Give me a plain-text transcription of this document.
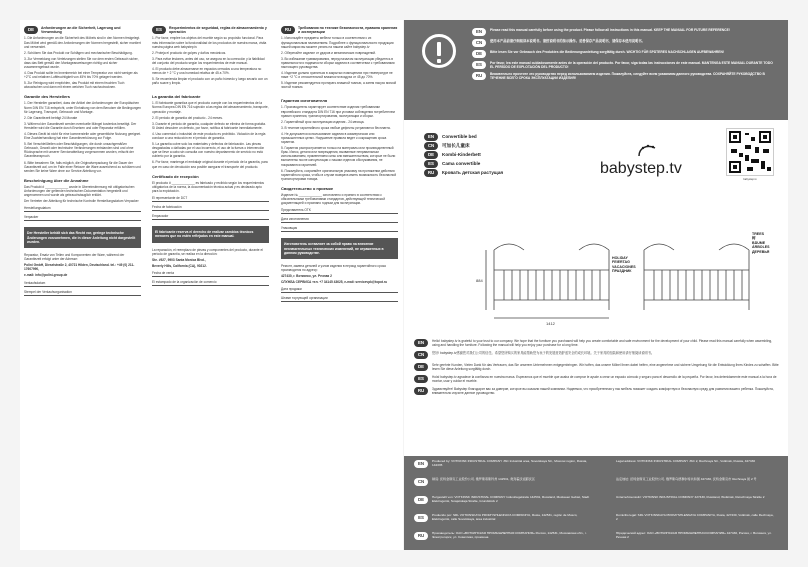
DE	Anforderungen an die Sicherheit, Lagerung und Verwendung
1. Die Anforderungen an die Sicherheit des Möbels sind in den Normen festgelegt. Das Möbel wird gemäß den Anforderungen der Normen hergestellt, sicher montiert und verwendet.
2. Schützen Sie das Produkt vor Schlägen und mechanischer Beschädigung.
3. Zur Vermeidung von Verletzungen stellen Sie vor dem ersten Gebrauch sicher, dass das Bett gemäß den Montageanweisungen richtig und sicher zusammengebaut wurde.
4. Das Produkt sollte im Innenbereich bei einer Temperatur von nicht weniger als +2°C und relativen Luftfeuchtigkeit von 45% bis 70% gelagert werden.
5. Zur Reinigung wird empfohlen, das Produkt mit einem feuchten Tuch abzuwischen und dann mit einem weichen Tuch nachzutrocknen.
Garantie des Herstellers
1. Der Hersteller garantiert, dass der Artikel den Anforderungen der Europäischen Norm DIN EN 716 entspricht, unter Einhaltung von dem Benutzer die Bedingungen für Lagerung, Transport, Gebrauch und Montage.
2. Die Garantiezeit beträgt 24 Monate
3. Während der Garantiezeit werden eventuelle Mängel kostenlos beseitigt. Der Hersteller wird die Garantie durch Ersetzen und oder Reparatur erfüllen.
4. Dieses Gerät ist nicht für eine kommerzielle oder gewerbliche Nutzung geeignet. Eine Zuwiderhandlung hat eine Garantieverkürzung zur Folge.
5. Bei Verschleißteilen oder Beschädigungen, die durch unsachgemäßen Gebrauch, Gewalt oder technische Veränderungen entstanden sind und ohne Rücksprache mit unserer Serviceabteilung vorgenommen wurden, erlischt der Garantieanspruch.
6. Bitte bewahren Sie, falls möglich, die Originalverpackung für die Dauer der Garantiezeit auf, um im Falle einer Retoure die Ware ausreichend zu schützen und senden Sie keine Ware ohne zur Service Abteilung vor.
Bescheinigung über die Annahme
Das Produkt # _____________ wurde in Übereinstimmung mit obligatorischen Anforderungen der geltenden technischen Dokumentation hergestellt und angenommen und wurde als gebrauchstauglich erklärt.
Der Vertreter der Abteilung für technische Kontrolle Herstellungsdatum Verpacker
Herstellungsdatum
Verpacker
Der Hersteller behält sich das Recht vor, geringe technische Änderungen vorzunehmen, die in dieser Anleitung nicht dargestellt wurden.
Reparatur, Ersatz von Teilen und Komponenten der Ware, während der Garantiezeit erfolgt unter der Adresse:
Polini GmbH, Dieselstraße 2, 40721 Hilden, Deutschland. tel.: +49 (0) 211-17607990,
e-mail: info@polini-group.de
Verkaufsdatum
Stempel der Verkaufsorganisation
ES	Requerimientos de seguridad, reglas de almacenamiento y operación
1. Por favor, emplee los objetos del mueble según su propósito funcional. Para más información sobre la funcionalidad de los productos de nuestra marca, visita nuestra página web babystep.tv
2. Proteja el producto de golpes y daños mecánicos.
3. Para evitar lesiones, antes del uso, se asegura en la corrección y la fiabilidad del conjunto del producto según los requerimientos de este manual.
4. El producto debe almacenarse en espacios cerrados a una temperatura no menos de + 2 °C y una humedad relativa de 45 a 70%.
5. Se recomienda limpiar el producto con un paño húmedo y luego secarlo con un paño suave y limpio.
La garantía del fabricante
1. El fabricante garantiza que el producto cumple con los requerimientos de la Norma Europea DIN EN 716 sujeción a las reglas del almacenamiento, transporte, operación y montaje.
2. El periodo de garantía del producto - 24 meses.
3. Durante el periodo de garantía, cualquier defecto se elimina de forma gratuita. Si Usted descubre un defecto, por favor, notifica al fabricante inmediatamente.
4. Uso comercial o industrial de este producto es prohibido. Violación de la regla conduce a una reducción en el periodo de garantía.
5. La garantía cubre solo los materiales y defectos de fabricación. Las piezas desgastadas o dañadas por el uso incorrecto, el uso de la fuerza o intervención que se lleve a cabo sin consulta con nuestro departamento de servicio no está cubierto por la garantía.
6. Por favor, mantenga el embalaje original durante el periodo de la garantía, para que en caso de devolución sea posible asegurar el transporte del producto.
Certificado de recepción
El producto # _____________ es fabricado y recibido según los requerimientos obligatorios de la norma, la documentación técnica actual y es declarado apto para la explotación.
El representante de DCT
Fecha de fabricación
Empacador
El fabricante reserva el derecho de realizar cambios técnicos menores que no estén reflejados en este manual.
La reparación, el reemplazo de piezas y componentes del producto, durante el periodo de garantía, se realiza en la dirección:
Ste. #927, 9903 Santa Monica Blvd.,
Beverly Hills, California (CA), 90212.
Fecha de venta
El estampado de la organización de comercio
RU	Требования по технике безопасности, правила хранения и эксплуатации
1. Используйте предметы мебели только в соответствии с их функциональным назначением. Подробнее о функциональности продукции нашей марки вы можете узнать на нашем сайте babystep.tv
2. Оберегайте изделие от ударов и механических повреждений.
3. Во избежание травмирования, перед началом эксплуатации убедитесь в правильности и надежности сборки изделия в соответствии с требованиями настоящего руководства.
4. Изделие должно храниться в закрытых помещениях при температуре не ниже +2 °C и относительной влажности воздуха от 45 до 70%.
5. Изделие рекомендуется протирать влажной тканью, а затем насухо мягкой чистой тканью.
Гарантия изготовителя
1. Производитель гарантирует соответствие изделия требованиям европейского стандарта DIN EN 716 при условии соблюдения потребителем правил хранения, транспортирования, эксплуатации и сборки.
2. Гарантийный срок эксплуатации изделия - 24 месяца.
3. В течение гарантийного срока любые дефекты устраняются бесплатно.
4. Не допускается использование изделия в коммерческих или промышленных целях. Нарушение правила ведет к сокращению срока гарантии.
5. Гарантия распространяется только на материалы или производственный брак. Износ, детали или повреждения, вызванные неправильным использованием, применением силы или вмешательством, которые не были выполнены после консультации с нашим отделом обслуживания, не покрываются гарантией.
6. Пожалуйста, сохраняйте оригинальную упаковку на протяжении действия гарантийного срока, чтобы в случае возврата иметь возможность безопасной транспортировки товара.
Свидетельство о приемке
Изделие № _____________ изготовлено и принято в соответствии с обязательными требованиями стандартов, действующей технической документацией и признано годным для эксплуатации.
Представитель ОТК
Дата изготовления
Упаковщик
Изготовитель оставляет за собой право на внесение незначительных технических изменений, не отраженных в данном руководстве.
Ремонт, замена деталей и узлов изделия в период гарантийного срока производится по адресу:
427430, г. Воткинск, ул. Речная 2
СЛУЖБА СЕРВИСА тел. +7 34145 43625, e-mail: servicevpk@topot.ru
Дата продажи
Штамп торгующей организации
EN	Please read this manual carefully before using the product. Please follow all instructions in this manual. KEEP THE MANUAL FOR FUTURE REFERENCE!
CN	使用本产品前请仔细阅读本说明书。请按说明书的指示操作。妥善保存产品说明书，请保存本使用说明书。
DE	Bitte lesen Sie vor Gebrauch des Produktes die Bedienungsanleitung sorgfältig durch. WICHTIG FÜR SPÄTERES NACHSCHLAGEN AUFBEWAHREN!
ES	Por favor, lea este manual cuidadosamente antes de la operación del producto. Por favor, siga todas las instrucciones de este manual. MANTENGA ESTE MANUAL DURANTE TODO EL PERÍODO DE EXPLOTACIÓN DEL PRODUCTO!
RU	Внимательно прочтите это руководство перед использованием изделия. Пожалуйста, следуйте всем указаниям данного руководства. СОХРАНЯЙТЕ РУКОВОДСТВО В ТЕЧЕНИЕ ВСЕГО СРОКА ЭКСПЛУАТАЦИИ ИЗДЕЛИЯ!
EN	Convertible bed
CN	可加长儿童床
DE	Kombi-Kinderbett
ES	Cama convertible
RU	Кровать детская растущая	babystep.tv
babystep.tv
1412
884
HOLIDAY
FEIERTAG
VACACIONES
ПРАЗДНИК
TREES
树
BÄUME
ÁRBOLES
ДЕРЕВЬЯ
EN	Hello! babystep.tv is grateful to your trust to our company. We hope that the furniture you purchased will help you create comfortable and safe environment for the development of your child. Please read this manual carefully when assembling, using and handling the furniture. Following the manual will help you enjoy your purchase for a long time.
CN	您好! babystep.tv感谢您对我们公司的信任。希望您所购买的家具能帮助您为孩子的发展营造舒适安全的成长环境。关于家具的组装和使用请仔细阅读说明书。
DE	Sehr geehrte Kunden, Vielen Dank für das Vertrauen, das Sie unserem Unternehmen entgegenbringen. Wir hoffen, das unsere Möbel Ihnen dabei helfen, eine angenehme und sichere Umgebung für die Entwicklung Ihres Kindes zu schaffen. Bitte lesen Sie diese Anleitung sorgfältig durch.
ES	Hola! babystep.tv agradece la confianza en nuestra marca. Esperamos que el mueble que acaba de comprar le ayude a crear un espacio cómodo y seguro para el desarrollo de la pequeña. Por favor, lea detenidamente este manual a la hora de montar, usar y cuidar el mueble.
RU	Здравствуйте! Babystep благодарит вас за доверие, которое вы оказали нашей компании. Надеемся, что приобретенная у нас мебель поможет создать комфортную и безопасную среду для развития вашего ребенка. Пожалуйста, внимательно изучите данное руководство.
EN	Produced by: VOTKINSK INDUSTRIAL COMPANY JSC Industrial area, Sovetskaya Str., Moscow region, Russia, 142335
Legal address: VOTKINSK INDUSTRIAL COMPANY JSC 2, Rechnaya Str., Votkinsk, Russia, 427430
CN	制造: 沃特金斯克工业股份公司, 俄罗斯莫斯科州 142531, 奥列霍沃祖耶沃区	法定地址: 沃特金斯克工业股份公司, 俄罗斯乌德穆尔特共和国 427430, 沃特金斯克市 Rechnaya 街 2 号
DE	Hergestellt von: VOTKINSK INDUSTRIAL COMPANY Industriegelände 142531, Russland, Moskauer Gebiet, Stadt Elektrogorsk, Sowjetskaja Straße, Grundstück 2
Unternehmenssitz: VOTKINSK INDUSTRIAL COMPANY 427430, Russland, Wotkinsk, Retschnaya Straße 2
ES	Producido por: SRL VOTKINSKAYA PROMYSHLENNAYA COMPANIYA, Rusia, 142531, región de Moscú, Elektrogorsk, calle Sovetskaya, área industrial
Domicilio legal: SRL VOTKINSKAYA PROMYSHLENNAYA COMPANIYA, Rusia, 427430, Votkinsk, calle Rechnaya, 2
RU	Производитель: ОАО «ВОТКИНСКАЯ ПРОМЫШЛЕННАЯ КОМПАНИЯ» Россия, 142531, Московская обл., г. Электрогорск, ул. Советская, промзона
Юридический адрес: ОАО «ВОТКИНСКАЯ ПРОМЫШЛЕННАЯ КОМПАНИЯ» 427430, Россия, г. Воткинск, ул. Речная 2
